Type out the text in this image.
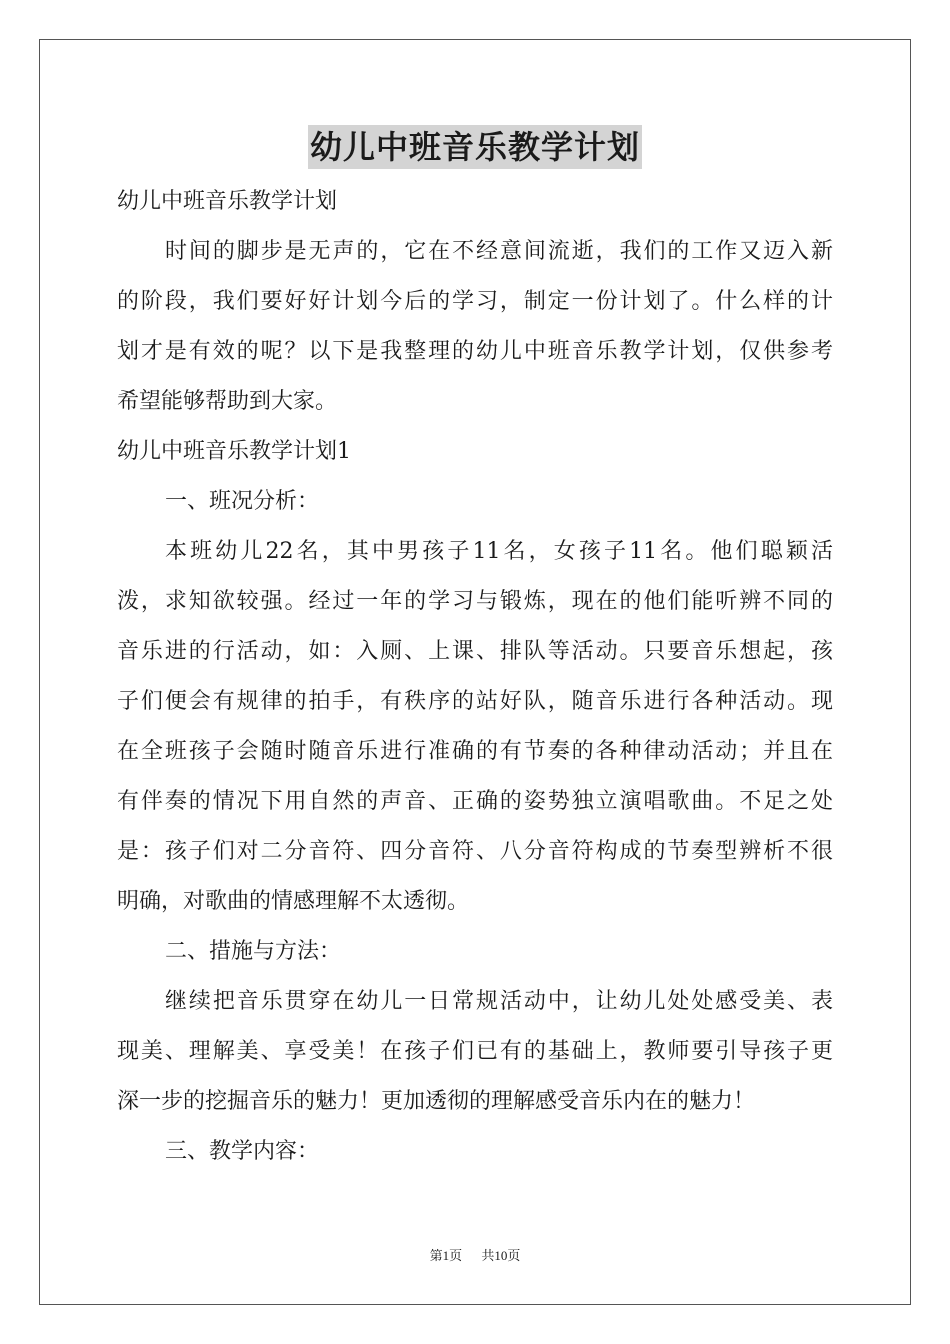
幼儿中班音乐教学计划

幼儿中班音乐教学计划

时间的脚步是无声的，它在不经意间流逝，我们的工作又迈入新

的阶段，我们要好好计划今后的学习，制定一份计划了。什么样的计

划才是有效的呢？以下是我整理的幼儿中班音乐教学计划，仅供参考

希望能够帮助到大家。

幼儿中班音乐教学计划1

一、班况分析：

本班幼儿22名，其中男孩子11名，女孩子11名。他们聪颖活

泼，求知欲较强。经过一年的学习与锻炼，现在的他们能听辨不同的

音乐进的行活动，如：入厕、上课、排队等活动。只要音乐想起，孩

子们便会有规律的拍手，有秩序的站好队，随音乐进行各种活动。现

在全班孩子会随时随音乐进行准确的有节奏的各种律动活动；并且在

有伴奏的情况下用自然的声音、正确的姿势独立演唱歌曲。不足之处

是：孩子们对二分音符、四分音符、八分音符构成的节奏型辨析不很

明确，对歌曲的情感理解不太透彻。

二、措施与方法：

继续把音乐贯穿在幼儿一日常规活动中，让幼儿处处感受美、表

现美、理解美、享受美！在孩子们已有的基础上，教师要引导孩子更

深一步的挖掘音乐的魅力！更加透彻的理解感受音乐内在的魅力！

三、教学内容：

第1页 共10页
